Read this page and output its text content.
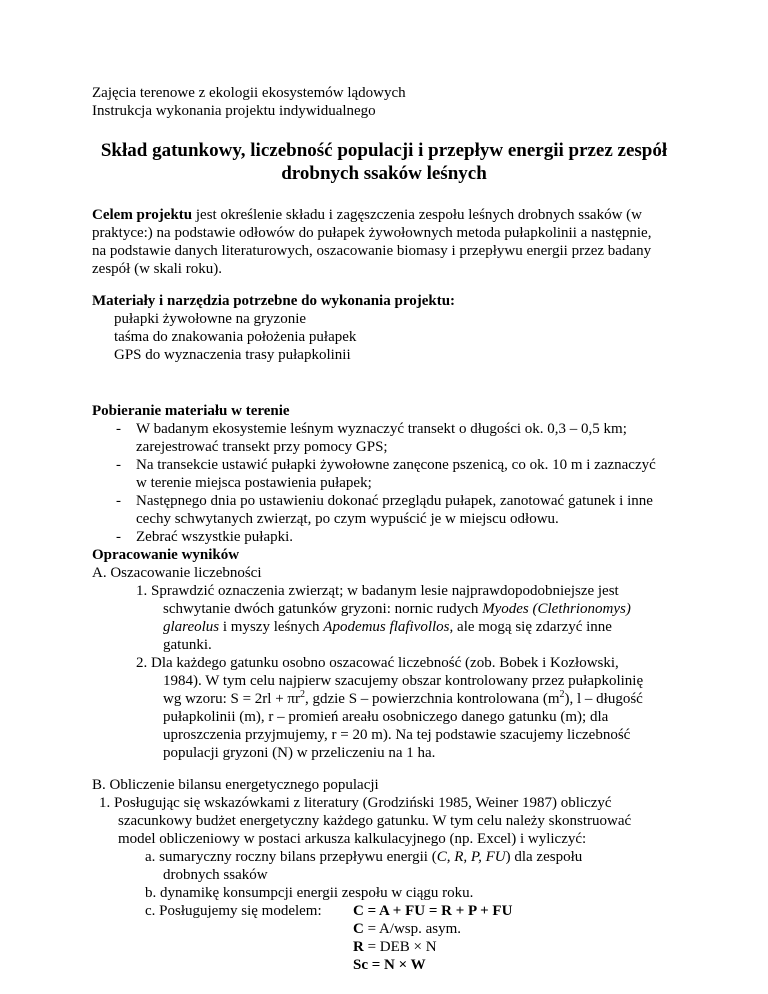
Zajęcia terenowe z ekologii ekosystemów lądowych
Instrukcja wykonania projektu indywidualnego
Skład gatunkowy, liczebność populacji i przepływ energii przez zespół
drobnych ssaków leśnych
Celem projektu jest określenie składu i zagęszczenia zespołu leśnych drobnych ssaków (w
praktyce:) na podstawie odłowów do pułapek żywołownych metoda pułapkolinii a następnie,
na podstawie danych literaturowych, oszacowanie biomasy i przepływu energii przez badany
zespół (w skali roku).
Materiały i narzędzia potrzebne do wykonania projektu:
pułapki żywołowne na gryzonie
taśma do znakowania położenia pułapek
GPS do wyznaczenia trasy pułapkolinii
Pobieranie materiału w terenie
- W badanym ekosystemie leśnym wyznaczyć transekt o długości ok. 0,3 – 0,5 km;
zarejestrować transekt przy pomocy GPS;
- Na transekcie ustawić pułapki żywołowne zanęcone pszenicą, co ok. 10 m i zaznaczyć
w terenie miejsca postawienia pułapek;
- Następnego dnia po ustawieniu dokonać przeglądu pułapek, zanotować gatunek i inne
cechy schwytanych zwierząt, po czym wypuścić je w miejscu odłowu.
- Zebrać wszystkie pułapki.
Opracowanie wyników
A. Oszacowanie liczebności
1. Sprawdzić oznaczenia zwierząt; w badanym lesie najprawdopodobniejsze jest
schwytanie dwóch gatunków gryzoni: nornic rudych Myodes (Clethrionomys)
glareolus i myszy leśnych Apodemus flafivollos, ale mogą się zdarzyć inne
gatunki.
2. Dla każdego gatunku osobno oszacować liczebność (zob. Bobek i Kozłowski,
1984). W tym celu najpierw szacujemy obszar kontrolowany przez pułapkolinię
wg wzoru: $S = 2rl + \pi r^2$, gdzie S – powierzchnia kontrolowana $(m^2)$, l – długość
pułapkolinii (m), r – promień areału osobniczego danego gatunku (m); dla
uproszczenia przyjmujemy, r = 20 m). Na tej podstawie szacujemy liczebność
populacji gryzoni (N) w przeliczeniu na 1 ha.
B. Obliczenie bilansu energetycznego populacji
1. Posługując się wskazówkami z literatury (Grodziński 1985, Weiner 1987) obliczyć
szacunkowy budżet energetyczny każdego gatunku. W tym celu należy skonstruować
model obliczeniowy w postaci arkusza kalkulacyjnego (np. Excel) i wyliczyć:
a. sumaryczny roczny bilans przepływu energii (C, R, P, FU) dla zespołu
drobnych ssaków
b. dynamikę konsumpcji energii zespołu w ciągu roku.
c. Posługujemy się modelem: C = A + FU = R + P + FU
C = A/wsp. asym.
R = DEB × N
Sc = N × W
